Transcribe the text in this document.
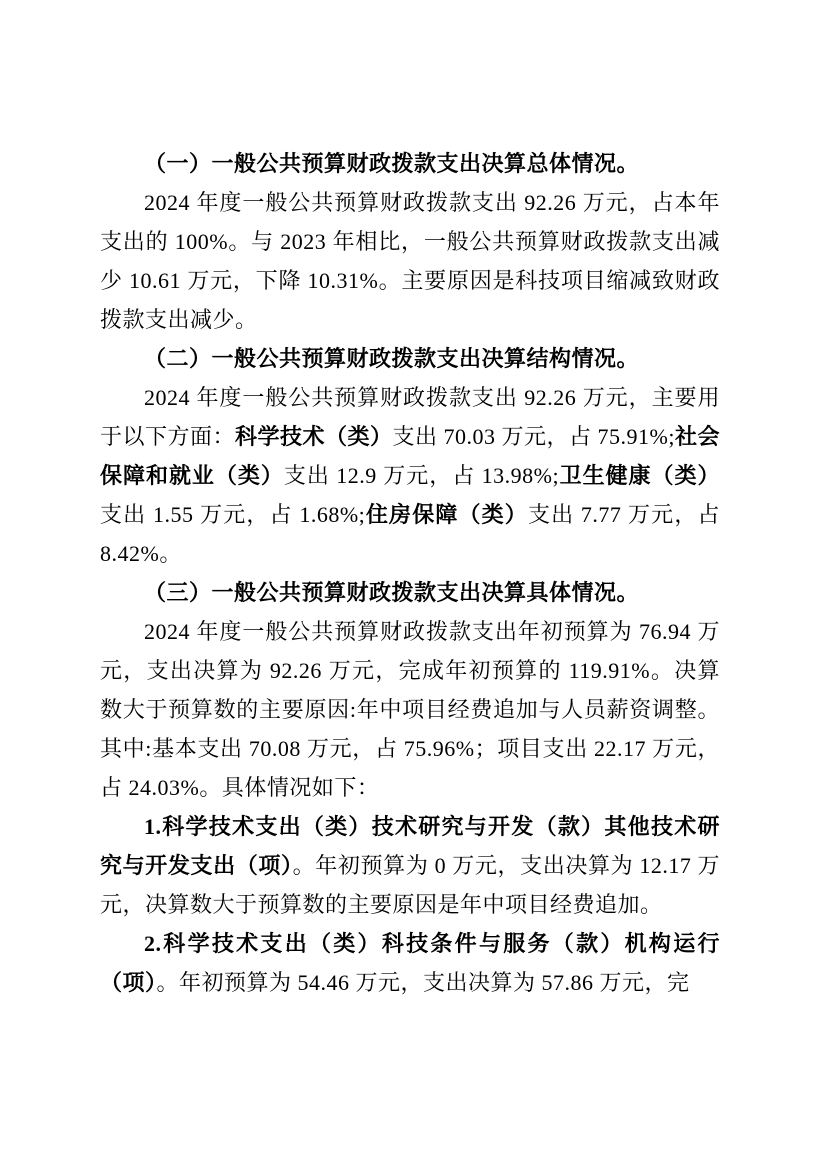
（一）一般公共预算财政拨款支出决算总体情况。

2024 年度一般公共预算财政拨款支出 92.26 万元，占本年支出的 100%。与 2023 年相比，一般公共预算财政拨款支出减少 10.61 万元，下降 10.31%。主要原因是科技项目缩减致财政拨款支出减少。

（二）一般公共预算财政拨款支出决算结构情况。

2024 年度一般公共预算财政拨款支出 92.26 万元，主要用于以下方面：科学技术（类）支出 70.03 万元，占 75.91%;社会保障和就业（类）支出 12.9 万元，占 13.98%;卫生健康（类）支出 1.55 万元，占 1.68%;住房保障（类）支出 7.77 万元，占 8.42%。

（三）一般公共预算财政拨款支出决算具体情况。

2024 年度一般公共预算财政拨款支出年初预算为 76.94 万元，支出决算为 92.26 万元，完成年初预算的 119.91%。决算数大于预算数的主要原因:年中项目经费追加与人员薪资调整。其中:基本支出 70.08 万元，占 75.96%；项目支出 22.17 万元，占 24.03%。具体情况如下：

1.科学技术支出（类）技术研究与开发（款）其他技术研究与开发支出（项）。年初预算为 0 万元，支出决算为 12.17 万元，决算数大于预算数的主要原因是年中项目经费追加。

2.科学技术支出（类）科技条件与服务（款）机构运行（项）。年初预算为 54.46 万元，支出决算为 57.86 万元，完
